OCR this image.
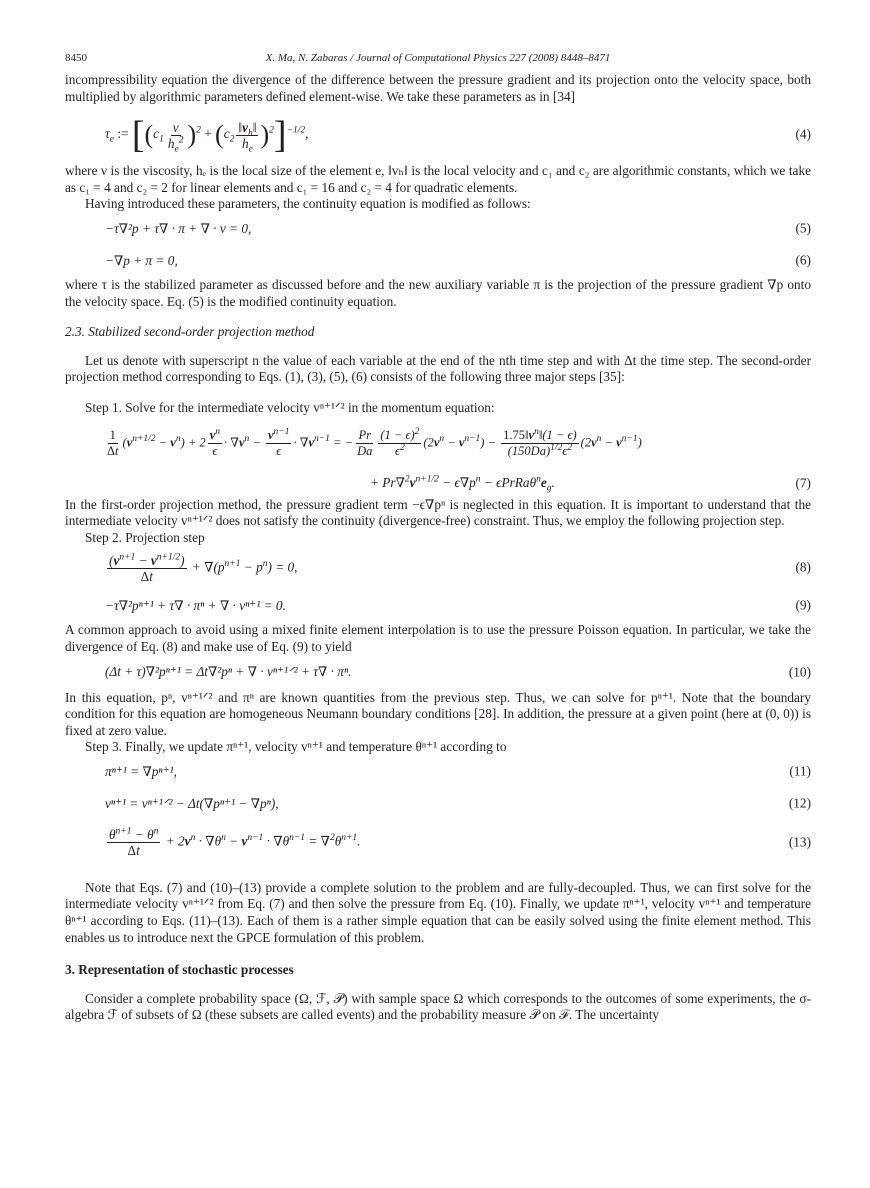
8450	X. Ma, N. Zabaras / Journal of Computational Physics 227 (2008) 8448–8471

incompressibility equation the divergence of the difference between the pressure gradient and its projection onto the velocity space, both multiplied by algorithmic parameters defined element-wise. We take these parameters as in [34]

$\tau_e$ := $[(c_1 \frac{\nu}{h_e^2} )^2 + (c_2 \frac{‖v_h‖}{h_e} )^2]^{-1/2}$,	(4)

where ν is the viscosity, hₑ is the local size of the element e, ‖vₕ‖ is the local velocity and c₁ and c₂ are algorithmic constants, which we take as c₁ = 4 and c₂ = 2 for linear elements and c₁ = 16 and c₂ = 4 for quadratic elements.

Having introduced these parameters, the continuity equation is modified as follows:

−τ∇²p + τ∇ · π + ∇ · v = 0,	(5)
−∇p + π = 0,	(6)

where τ is the stabilized parameter as discussed before and the new auxiliary variable π is the projection of the pressure gradient ∇p onto the velocity space. Eq. (5) is the modified continuity equation.

2.3. Stabilized second-order projection method

Let us denote with superscript n the value of each variable at the end of the nth time step and with Δt the time step. The second-order projection method corresponding to Eqs. (1), (3), (5), (6) consists of the following three major steps [35]:

Step 1. Solve for the intermediate velocity vⁿ⁺¹ᐟ² in the momentum equation:

$\frac{1}{\Delta t} (v^{n+1/2} - v^n) + 2 \frac{v^n}{\epsilon} \cdot \nabla v^n - \frac{v^{n-1}}{\epsilon} \cdot \nabla v^{n-1}$ = − $\frac{Pr}{Da} \frac{(1 - \epsilon)^2}{\epsilon^2} (2v^n - v^{n-1}) - \frac{1.75‖v^n‖(1 - \epsilon)}{(150Da)^{1/2}\epsilon^2} (2v^n - v^{n-1})$
+ $Pr\nabla^2v^{n+1/2} - \epsilon\nabla p^n$ − $\epsilon PrRa\theta^ne_g$.	(7)

In the first-order projection method, the pressure gradient term −ϵ∇pⁿ is neglected in this equation. It is important to understand that the intermediate velocity vⁿ⁺¹ᐟ² does not satisfy the continuity (divergence-free) constraint. Thus, we employ the following projection step.

Step 2. Projection step

$\frac{(v^{n+1} - v^{n+1/2})}{\Delta t} + \nabla(p^{n+1} - p^n) = 0$,	(8)
−τ∇²pⁿ⁺¹ + τ∇ · πⁿ + ∇ · vⁿ⁺¹ = 0.	(9)

A common approach to avoid using a mixed finite element interpolation is to use the pressure Poisson equation. In particular, we take the divergence of Eq. (8) and make use of Eq. (9) to yield

(Δt + τ)∇²pⁿ⁺¹ = Δt∇²pⁿ + ∇ · vⁿ⁺¹ᐟ² + τ∇ · πⁿ.	(10)

In this equation, pⁿ, vⁿ⁺¹ᐟ² and πⁿ are known quantities from the previous step. Thus, we can solve for pⁿ⁺¹. Note that the boundary condition for this equation are homogeneous Neumann boundary conditions [28]. In addition, the pressure at a given point (here at (0, 0)) is fixed at zero value.

Step 3. Finally, we update πⁿ⁺¹, velocity vⁿ⁺¹ and temperature θⁿ⁺¹ according to

πⁿ⁺¹ = ∇pⁿ⁺¹,	(11)
vⁿ⁺¹ = vⁿ⁺¹ᐟ² − Δt(∇pⁿ⁺¹ − ∇pⁿ),	(12)
$\frac{\theta^{n+1} - \theta^n}{\Delta t} + 2v^n \cdot \nabla\theta^n - v^{n-1} \cdot \nabla\theta^{n-1} = \nabla^2\theta^{n+1}$.	(13)

Note that Eqs. (7) and (10)–(13) provide a complete solution to the problem and are fully-decoupled. Thus, we can first solve for the intermediate velocity vⁿ⁺¹ᐟ² from Eq. (7) and then solve the pressure from Eq. (10). Finally, we update πⁿ⁺¹, velocity vⁿ⁺¹ and temperature θⁿ⁺¹ according to Eqs. (11)–(13). Each of them is a rather simple equation that can be easily solved using the finite element method. This enables us to introduce next the GPCE formulation of this problem.

3. Representation of stochastic processes

Consider a complete probability space (Ω, ℱ, 𝒫) with sample space Ω which corresponds to the outcomes of some experiments, the σ-algebra ℱ of subsets of Ω (these subsets are called events) and the probability measure 𝒫 on ℱ. The uncertainty
